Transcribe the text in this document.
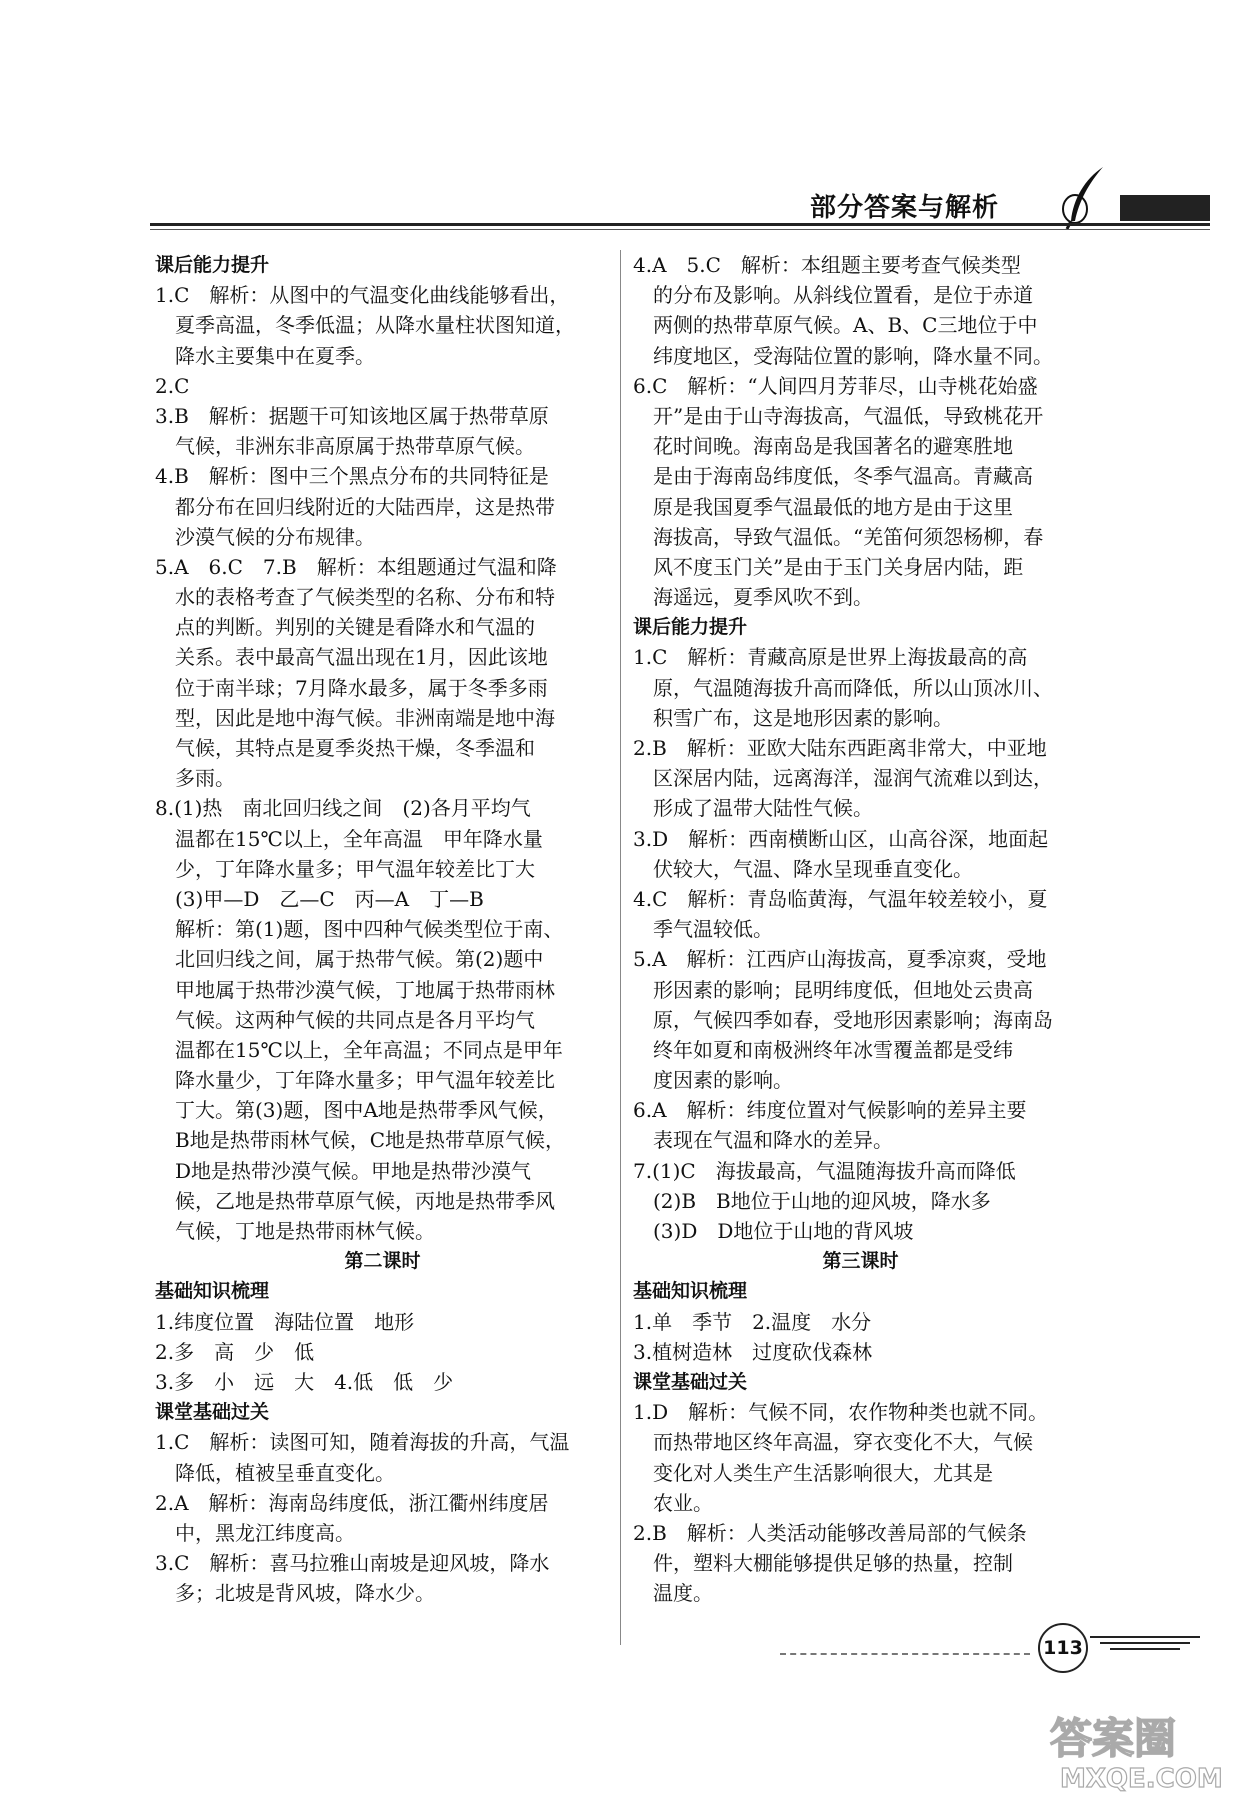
部分答案与解析
课后能力提升
1.C　解析：从图中的气温变化曲线能够看出，
　夏季高温，冬季低温；从降水量柱状图知道，
　降水主要集中在夏季。
2.C
3.B　解析：据题干可知该地区属于热带草原
　气候，非洲东非高原属于热带草原气候。
4.B　解析：图中三个黑点分布的共同特征是
　都分布在回归线附近的大陆西岸，这是热带
　沙漠气候的分布规律。
5.A　6.C　7.B　解析：本组题通过气温和降
　水的表格考查了气候类型的名称、分布和特
　点的判断。判别的关键是看降水和气温的
　关系。表中最高气温出现在1月，因此该地
　位于南半球；7月降水最多，属于冬季多雨
　型，因此是地中海气候。非洲南端是地中海
　气候，其特点是夏季炎热干燥，冬季温和
　多雨。
8.(1)热　南北回归线之间　(2)各月平均气
　温都在15℃以上，全年高温　甲年降水量
　少，丁年降水量多；甲气温年较差比丁大
　(3)甲—D　乙—C　丙—A　丁—B
　解析：第(1)题，图中四种气候类型位于南、
　北回归线之间，属于热带气候。第(2)题中
　甲地属于热带沙漠气候，丁地属于热带雨林
　气候。这两种气候的共同点是各月平均气
　温都在15℃以上，全年高温；不同点是甲年
　降水量少，丁年降水量多；甲气温年较差比
　丁大。第(3)题，图中A地是热带季风气候，
　B地是热带雨林气候，C地是热带草原气候，
　D地是热带沙漠气候。甲地是热带沙漠气
　候，乙地是热带草原气候，丙地是热带季风
　气候，丁地是热带雨林气候。
第二课时
基础知识梳理
1.纬度位置　海陆位置　地形
2.多　高　少　低
3.多　小　远　大　4.低　低　少
课堂基础过关
1.C　解析：读图可知，随着海拔的升高，气温
　降低，植被呈垂直变化。
2.A　解析：海南岛纬度低，浙江衢州纬度居
　中，黑龙江纬度高。
3.C　解析：喜马拉雅山南坡是迎风坡，降水
　多；北坡是背风坡，降水少。
4.A　5.C　解析：本组题主要考查气候类型
　的分布及影响。从斜线位置看，是位于赤道
　两侧的热带草原气候。A、B、C三地位于中
　纬度地区，受海陆位置的影响，降水量不同。
6.C　解析：“人间四月芳菲尽，山寺桃花始盛
　开”是由于山寺海拔高，气温低，导致桃花开
　花时间晚。海南岛是我国著名的避寒胜地
　是由于海南岛纬度低，冬季气温高。青藏高
　原是我国夏季气温最低的地方是由于这里
　海拔高，导致气温低。“羌笛何须怨杨柳，春
　风不度玉门关”是由于玉门关身居内陆，距
　海遥远，夏季风吹不到。
课后能力提升
1.C　解析：青藏高原是世界上海拔最高的高
　原，气温随海拔升高而降低，所以山顶冰川、
　积雪广布，这是地形因素的影响。
2.B　解析：亚欧大陆东西距离非常大，中亚地
　区深居内陆，远离海洋，湿润气流难以到达，
　形成了温带大陆性气候。
3.D　解析：西南横断山区，山高谷深，地面起
　伏较大，气温、降水呈现垂直变化。
4.C　解析：青岛临黄海，气温年较差较小，夏
　季气温较低。
5.A　解析：江西庐山海拔高，夏季凉爽，受地
　形因素的影响；昆明纬度低，但地处云贵高
　原，气候四季如春，受地形因素影响；海南岛
　终年如夏和南极洲终年冰雪覆盖都是受纬
　度因素的影响。
6.A　解析：纬度位置对气候影响的差异主要
　表现在气温和降水的差异。
7.(1)C　海拔最高，气温随海拔升高而降低
　(2)B　B地位于山地的迎风坡，降水多
　(3)D　D地位于山地的背风坡
第三课时
基础知识梳理
1.单　季节　2.温度　水分
3.植树造林　过度砍伐森林
课堂基础过关
1.D　解析：气候不同，农作物种类也就不同。
　而热带地区终年高温，穿衣变化不大，气候
　变化对人类生产生活影响很大，尤其是
　农业。
2.B　解析：人类活动能够改善局部的气候条
　件，塑料大棚能够提供足够的热量，控制
　温度。
113
答案圈
MXQE.COM
